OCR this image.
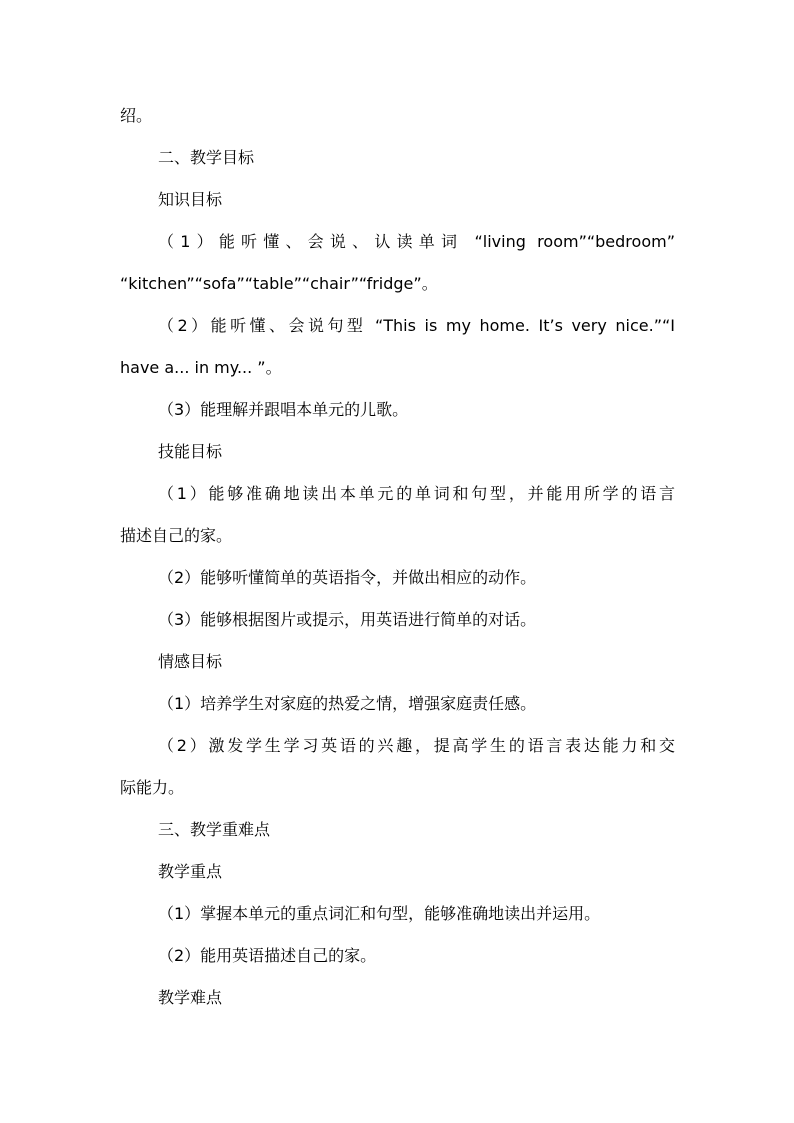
绍。
二、教学目标
知识目标
（1）能听懂、会说、认读单词 “living room”“bedroom”
“kitchen”“sofa”“table”“chair”“fridge”。
（2）能听懂、会说句型 “This is my home. It’s very nice.”“I
have a... in my... ”。
（3）能理解并跟唱本单元的儿歌。
技能目标
（1）能够准确地读出本单元的单词和句型，并能用所学的语言
描述自己的家。
（2）能够听懂简单的英语指令，并做出相应的动作。
（3）能够根据图片或提示，用英语进行简单的对话。
情感目标
（1）培养学生对家庭的热爱之情，增强家庭责任感。
（2）激发学生学习英语的兴趣，提高学生的语言表达能力和交
际能力。
三、教学重难点
教学重点
（1）掌握本单元的重点词汇和句型，能够准确地读出并运用。
（2）能用英语描述自己的家。
教学难点
